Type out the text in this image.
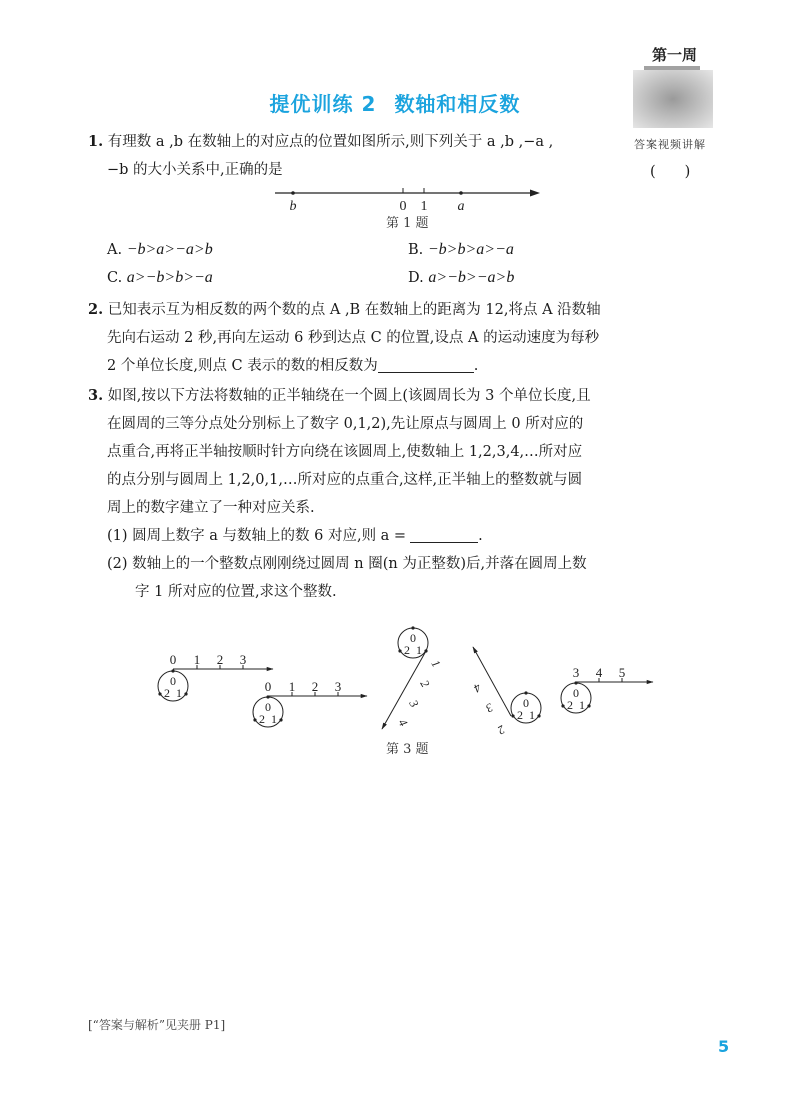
第一周
答案视频讲解
提优训练 2 数轴和相反数
1. 有理数 a ,b 在数轴上的对应点的位置如图所示,则下列关于 a ,b ,−a ,
−b 的大小关系中,正确的是	(　　)
b	0 1 a
第 1 题
A. −b>a>−a>b	B. −b>b>a>−a
C. a>−b>b>−a	D. a>−b>−a>b
2. 已知表示互为相反数的两个数的点 A ,B 在数轴上的距离为 12,将点 A 沿数轴
先向右运动 2 秒,再向左运动 6 秒到达点 C 的位置,设点 A 的运动速度为每秒
2 个单位长度,则点 C 表示的数的相反数为	.
3. 如图,按以下方法将数轴的正半轴绕在一个圆上(该圆周长为 3 个单位长度,且
在圆周的三等分点处分别标上了数字 0,1,2),先让原点与圆周上 0 所对应的
点重合,再将正半轴按顺时针方向绕在该圆周上,使数轴上 1,2,3,4,…所对应
的点分别与圆周上 1,2,0,1,…所对应的点重合,这样,正半轴上的整数就与圆
周上的数字建立了一种对应关系.
(1) 圆周上数字 a 与数轴上的数 6 对应,则 a =	.
(2) 数轴上的一个整数点刚刚绕过圆周 n 圈(n 为正整数)后,并落在圆周上数
字 1 所对应的位置,求这个整数.
0 1 2 3
0
2 1	0 1 2 3
0
2 1
0
2 1
1
2
3
4
0
2 1
2
3
4
3 4 5
0
2 1
第 3 题
[“答案与解析”见夹册 P1]
5
